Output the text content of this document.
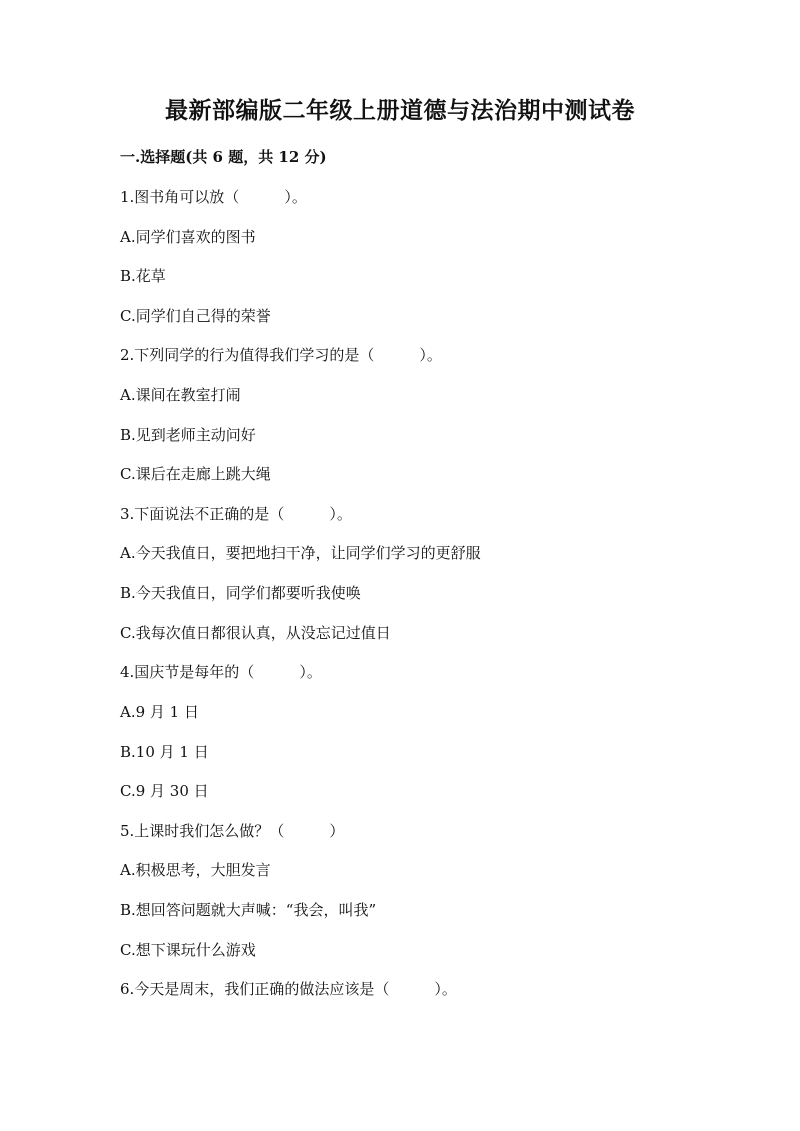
最新部编版二年级上册道德与法治期中测试卷
一.选择题(共 6 题，共 12 分)
1.图书角可以放（　　　）。
A.同学们喜欢的图书
B.花草
C.同学们自己得的荣誉
2.下列同学的行为值得我们学习的是（　　　）。
A.课间在教室打闹
B.见到老师主动问好
C.课后在走廊上跳大绳
3.下面说法不正确的是（　　　）。
A.今天我值日，要把地扫干净，让同学们学习的更舒服
B.今天我值日，同学们都要听我使唤
C.我每次值日都很认真，从没忘记过值日
4.国庆节是每年的（　　　）。
A.9 月 1 日
B.10 月 1 日
C.9 月 30 日
5.上课时我们怎么做？（　　　）
A.积极思考，大胆发言
B.想回答问题就大声喊：“我会，叫我”
C.想下课玩什么游戏
6.今天是周末，我们正确的做法应该是（　　　）。
